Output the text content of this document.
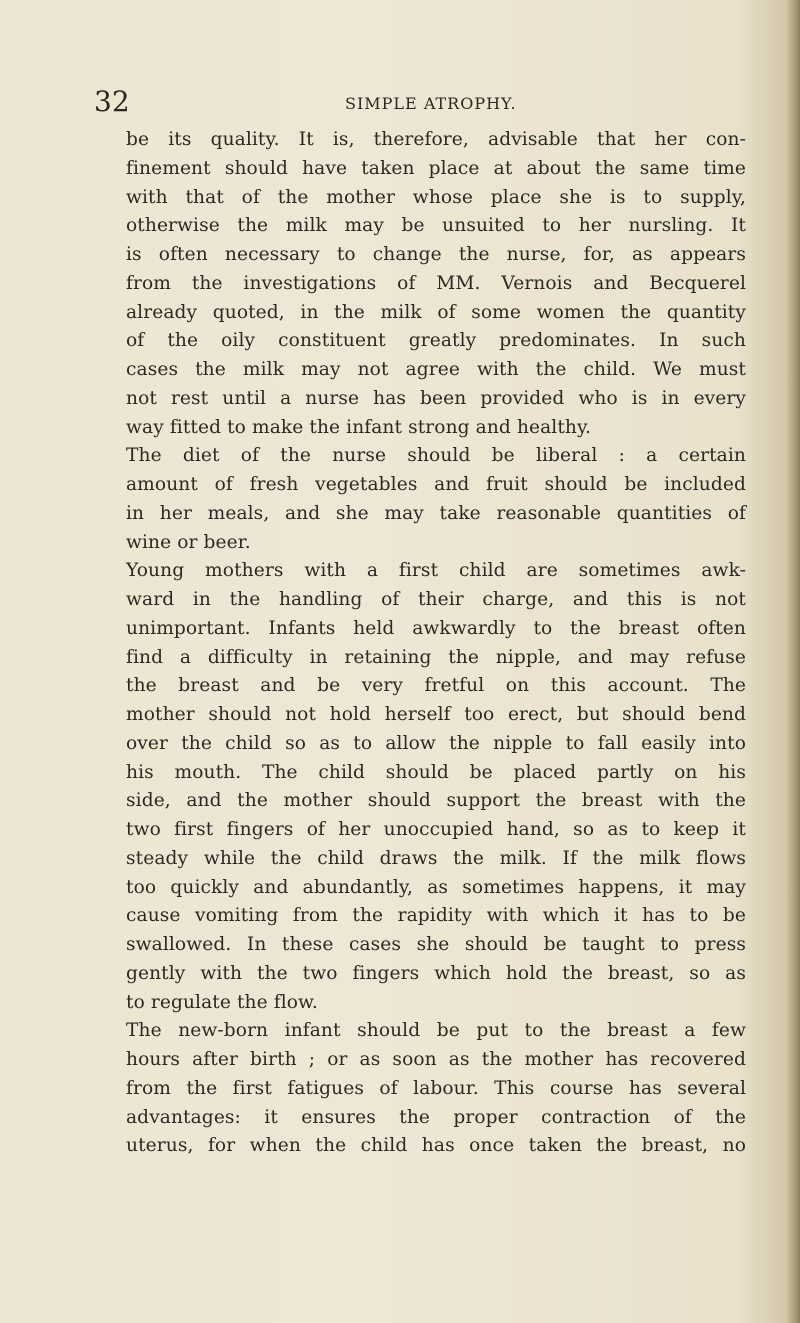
32	SIMPLE ATROPHY.
be its quality. It is, therefore, advisable that her con-
finement should have taken place at about the same time
with that of the mother whose place she is to supply,
otherwise the milk may be unsuited to her nursling. It
is often necessary to change the nurse, for, as appears
from the investigations of MM. Vernois and Becquerel
already quoted, in the milk of some women the quantity
of the oily constituent greatly predominates. In such
cases the milk may not agree with the child. We must
not rest until a nurse has been provided who is in every
way fitted to make the infant strong and healthy.
The diet of the nurse should be liberal : a certain
amount of fresh vegetables and fruit should be included
in her meals, and she may take reasonable quantities of
wine or beer.
Young mothers with a first child are sometimes awk-
ward in the handling of their charge, and this is not
unimportant. Infants held awkwardly to the breast often
find a difficulty in retaining the nipple, and may refuse
the breast and be very fretful on this account. The
mother should not hold herself too erect, but should bend
over the child so as to allow the nipple to fall easily into
his mouth. The child should be placed partly on his
side, and the mother should support the breast with the
two first fingers of her unoccupied hand, so as to keep it
steady while the child draws the milk. If the milk flows
too quickly and abundantly, as sometimes happens, it may
cause vomiting from the rapidity with which it has to be
swallowed. In these cases she should be taught to press
gently with the two fingers which hold the breast, so as
to regulate the flow.
The new-born infant should be put to the breast a few
hours after birth ; or as soon as the mother has recovered
from the first fatigues of labour. This course has several
advantages: it ensures the proper contraction of the
uterus, for when the child has once taken the breast, no
